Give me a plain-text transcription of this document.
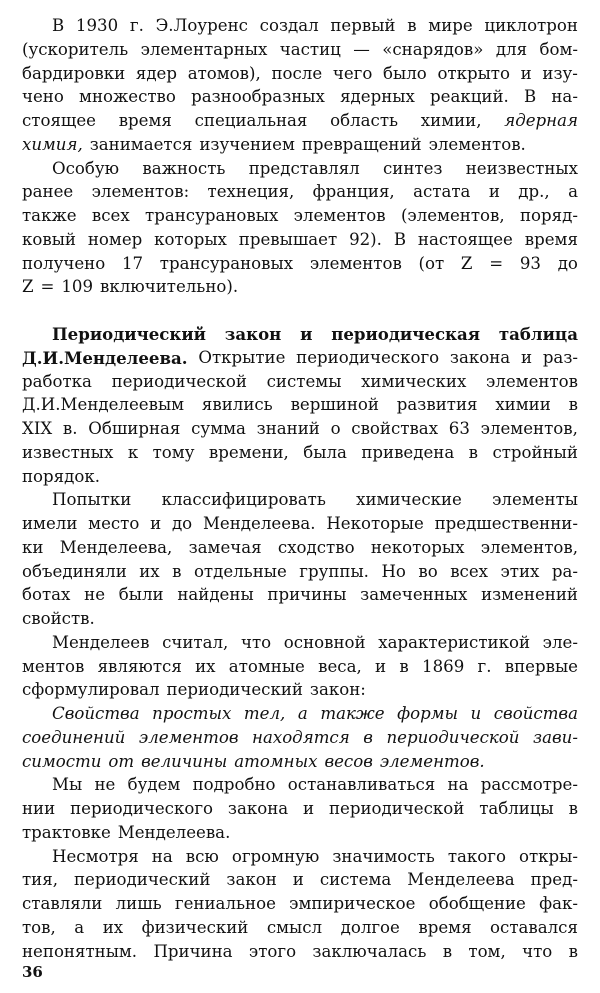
В 1930 г. Э.Лоуренс создал первый в мире циклотрон
(ускоритель элементарных частиц — «снарядов» для бом-
бардировки ядер атомов), после чего было открыто и изу-
чено множество разнообразных ядерных реакций. В на-
стоящее время специальная область химии, ядерная
химия, занимается изучением превращений элементов.
Особую важность представлял синтез неизвестных
ранее элементов: технеция, франция, астата и др., а
также всех трансурановых элементов (элементов, поряд-
ковый номер которых превышает 92). В настоящее время
получено 17 трансурановых элементов (от Z = 93 до
Z = 109 включительно).
Периодический закон и периодическая таблица
Д.И.Менделеева. Открытие периодического закона и раз-
работка периодической системы химических элементов
Д.И.Менделеевым явились вершиной развития химии в
XIX в. Обширная сумма знаний о свойствах 63 элементов,
известных к тому времени, была приведена в стройный
порядок.
Попытки классифицировать химические элементы
имели место и до Менделеева. Некоторые предшественни-
ки Менделеева, замечая сходство некоторых элементов,
объединяли их в отдельные группы. Но во всех этих ра-
ботах не были найдены причины замеченных изменений
свойств.
Менделеев считал, что основной характеристикой эле-
ментов являются их атомные веса, и в 1869 г. впервые
сформулировал периодический закон:
Свойства простых тел, а также формы и свойства
соединений элементов находятся в периодической зави-
симости от величины атомных весов элементов.
Мы не будем подробно останавливаться на рассмотре-
нии периодического закона и периодической таблицы в
трактовке Менделеева.
Несмотря на всю огромную значимость такого откры-
тия, периодический закон и система Менделеева пред-
ставляли лишь гениальное эмпирическое обобщение фак-
тов, а их физический смысл долгое время оставался
непонятным. Причина этого заключалась в том, что в
36
